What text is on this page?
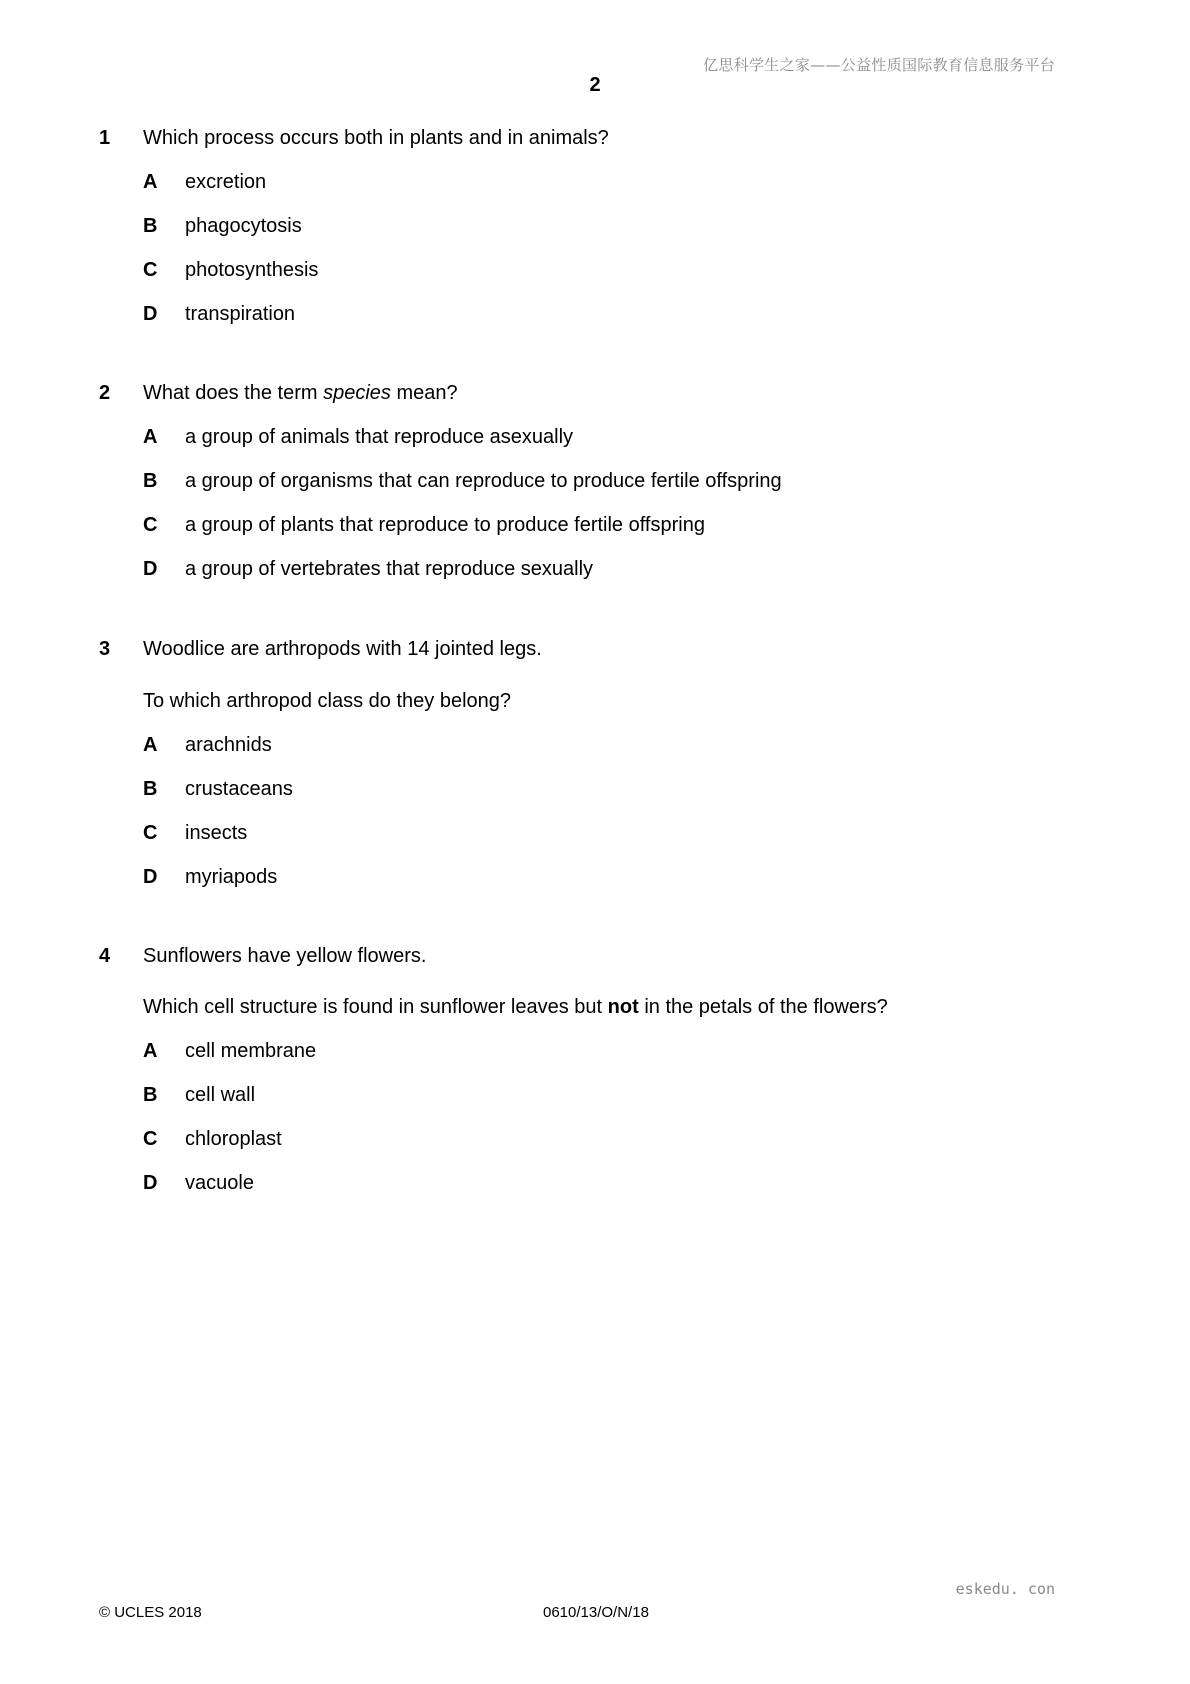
亿思科学生之家——公益性质国际教育信息服务平台
2
1 Which process occurs both in plants and in animals?
A excretion
B phagocytosis
C photosynthesis
D transpiration
2 What does the term species mean?
A a group of animals that reproduce asexually
B a group of organisms that can reproduce to produce fertile offspring
C a group of plants that reproduce to produce fertile offspring
D a group of vertebrates that reproduce sexually
3 Woodlice are arthropods with 14 jointed legs.
To which arthropod class do they belong?
A arachnids
B crustaceans
C insects
D myriapods
4 Sunflowers have yellow flowers.
Which cell structure is found in sunflower leaves but not in the petals of the flowers?
A cell membrane
B cell wall
C chloroplast
D vacuole
eskedu. con
© UCLES 2018	0610/13/O/N/18
